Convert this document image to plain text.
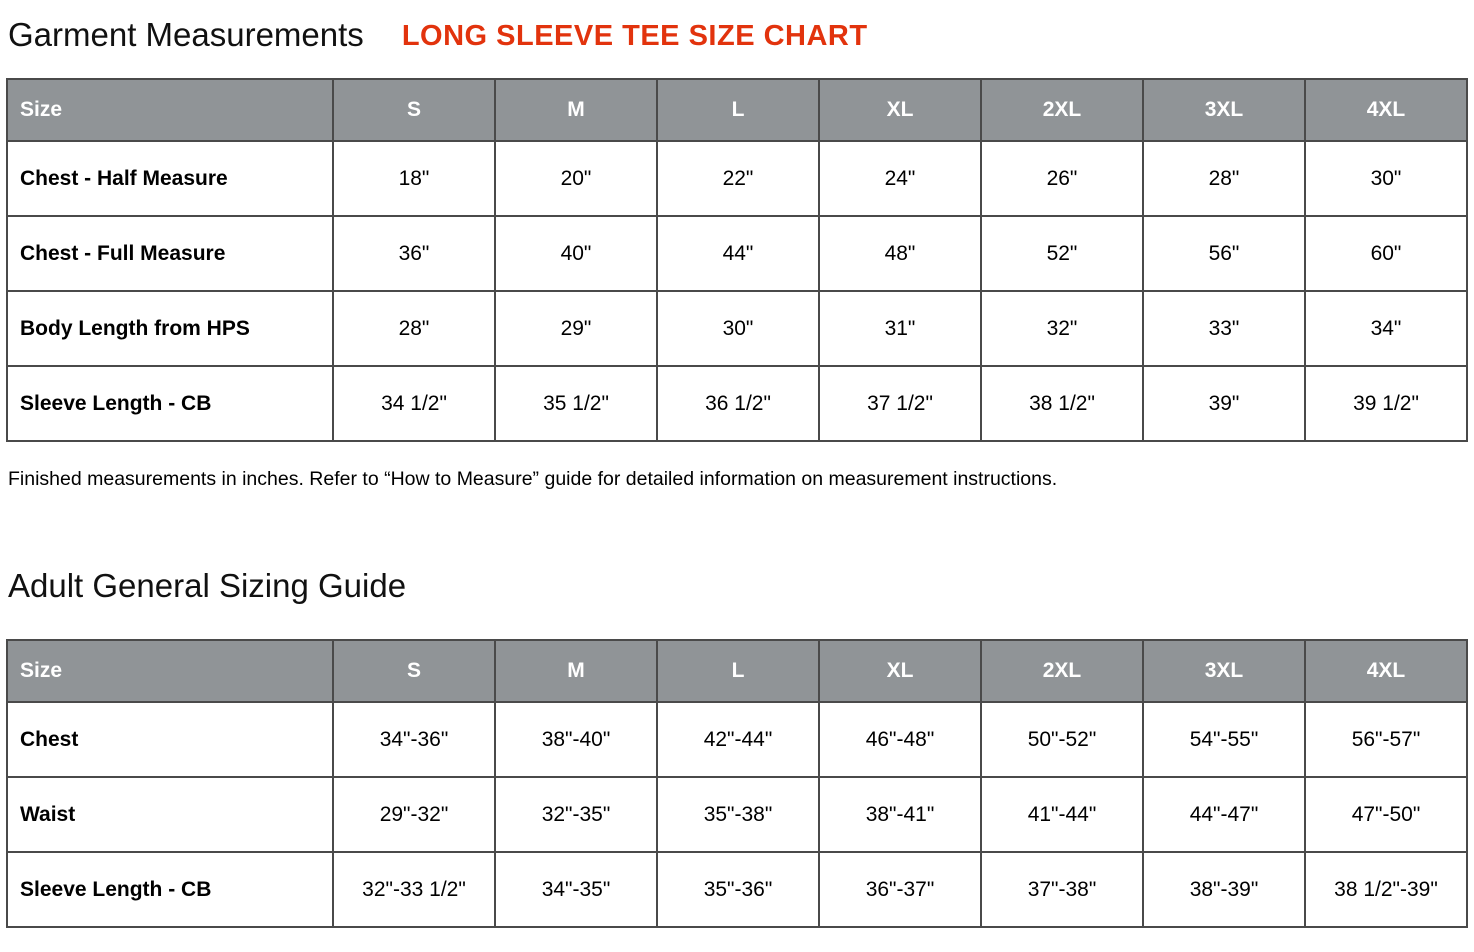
Garment Measurements LONG SLEEVE TEE SIZE CHART
Size	S	M	L	XL	2XL	3XL	4XL
Chest - Half Measure	18"	20"	22"	24"	26"	28"	30"
Chest - Full Measure	36"	40"	44"	48"	52"	56"	60"
Body Length from HPS	28"	29"	30"	31"	32"	33"	34"
Sleeve Length - CB	34 1/2"	35 1/2"	36 1/2"	37 1/2"	38 1/2"	39"	39 1/2"

Finished measurements in inches. Refer to “How to Measure” guide for detailed information on measurement instructions.

Adult General Sizing Guide
Size	S	M	L	XL	2XL	3XL	4XL
Chest	34"-36"	38"-40"	42"-44"	46"-48"	50"-52"	54"-55"	56"-57"
Waist	29"-32"	32"-35"	35"-38"	38"-41"	41"-44"	44"-47"	47"-50"
Sleeve Length - CB	32"-33 1/2"	34"-35"	35"-36"	36"-37"	37"-38"	38"-39"	38 1/2"-39"
